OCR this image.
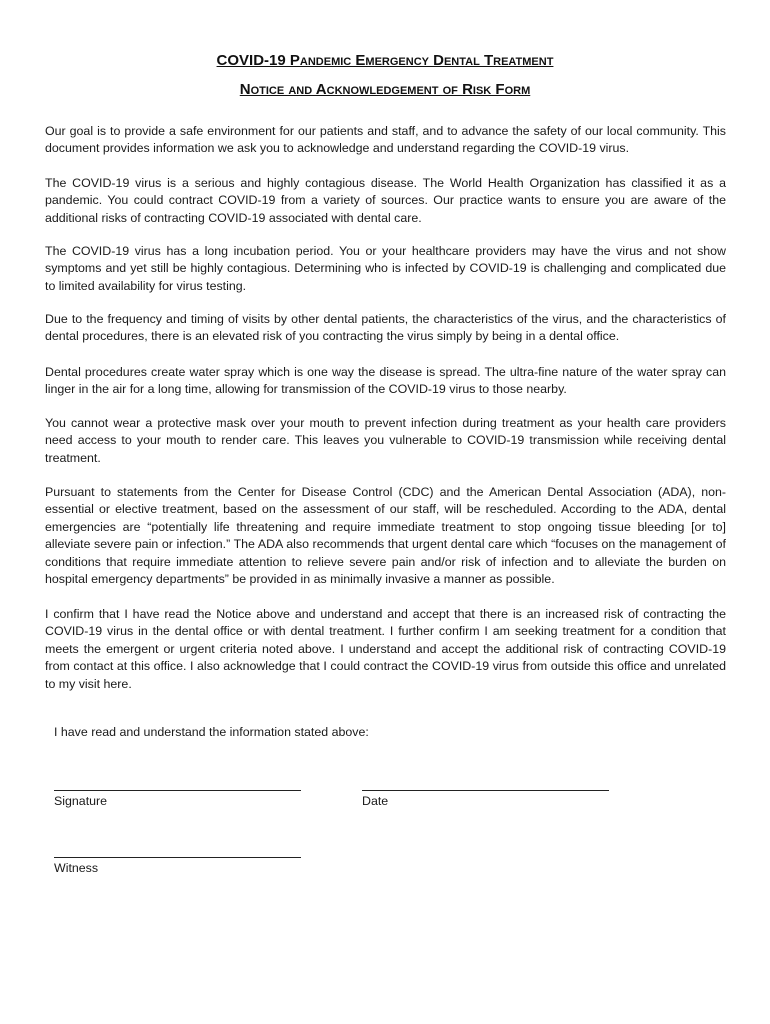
COVID-19 Pandemic Emergency Dental Treatment
Notice and Acknowledgement of Risk Form

Our goal is to provide a safe environment for our patients and staff, and to advance the safety of our local community. This document provides information we ask you to acknowledge and understand regarding the COVID-19 virus.

The COVID-19 virus is a serious and highly contagious disease. The World Health Organization has classified it as a pandemic. You could contract COVID-19 from a variety of sources. Our practice wants to ensure you are aware of the additional risks of contracting COVID-19 associated with dental care.

The COVID-19 virus has a long incubation period. You or your healthcare providers may have the virus and not show symptoms and yet still be highly contagious. Determining who is infected by COVID-19 is challenging and complicated due to limited availability for virus testing.

Due to the frequency and timing of visits by other dental patients, the characteristics of the virus, and the characteristics of dental procedures, there is an elevated risk of you contracting the virus simply by being in a dental office.

Dental procedures create water spray which is one way the disease is spread. The ultra-fine nature of the water spray can linger in the air for a long time, allowing for transmission of the COVID-19 virus to those nearby.

You cannot wear a protective mask over your mouth to prevent infection during treatment as your health care providers need access to your mouth to render care. This leaves you vulnerable to COVID-19 transmission while receiving dental treatment.

Pursuant to statements from the Center for Disease Control (CDC) and the American Dental Association (ADA), non-essential or elective treatment, based on the assessment of our staff, will be rescheduled. According to the ADA, dental emergencies are “potentially life threatening and require immediate treatment to stop ongoing tissue bleeding [or to] alleviate severe pain or infection.” The ADA also recommends that urgent dental care which “focuses on the management of conditions that require immediate attention to relieve severe pain and/or risk of infection and to alleviate the burden on hospital emergency departments” be provided in as minimally invasive a manner as possible.

I confirm that I have read the Notice above and understand and accept that there is an increased risk of contracting the COVID-19 virus in the dental office or with dental treatment. I further confirm I am seeking treatment for a condition that meets the emergent or urgent criteria noted above. I understand and accept the additional risk of contracting COVID-19 from contact at this office. I also acknowledge that I could contract the COVID-19 virus from outside this office and unrelated to my visit here.

I have read and understand the information stated above:
Signature	Date
Witness
